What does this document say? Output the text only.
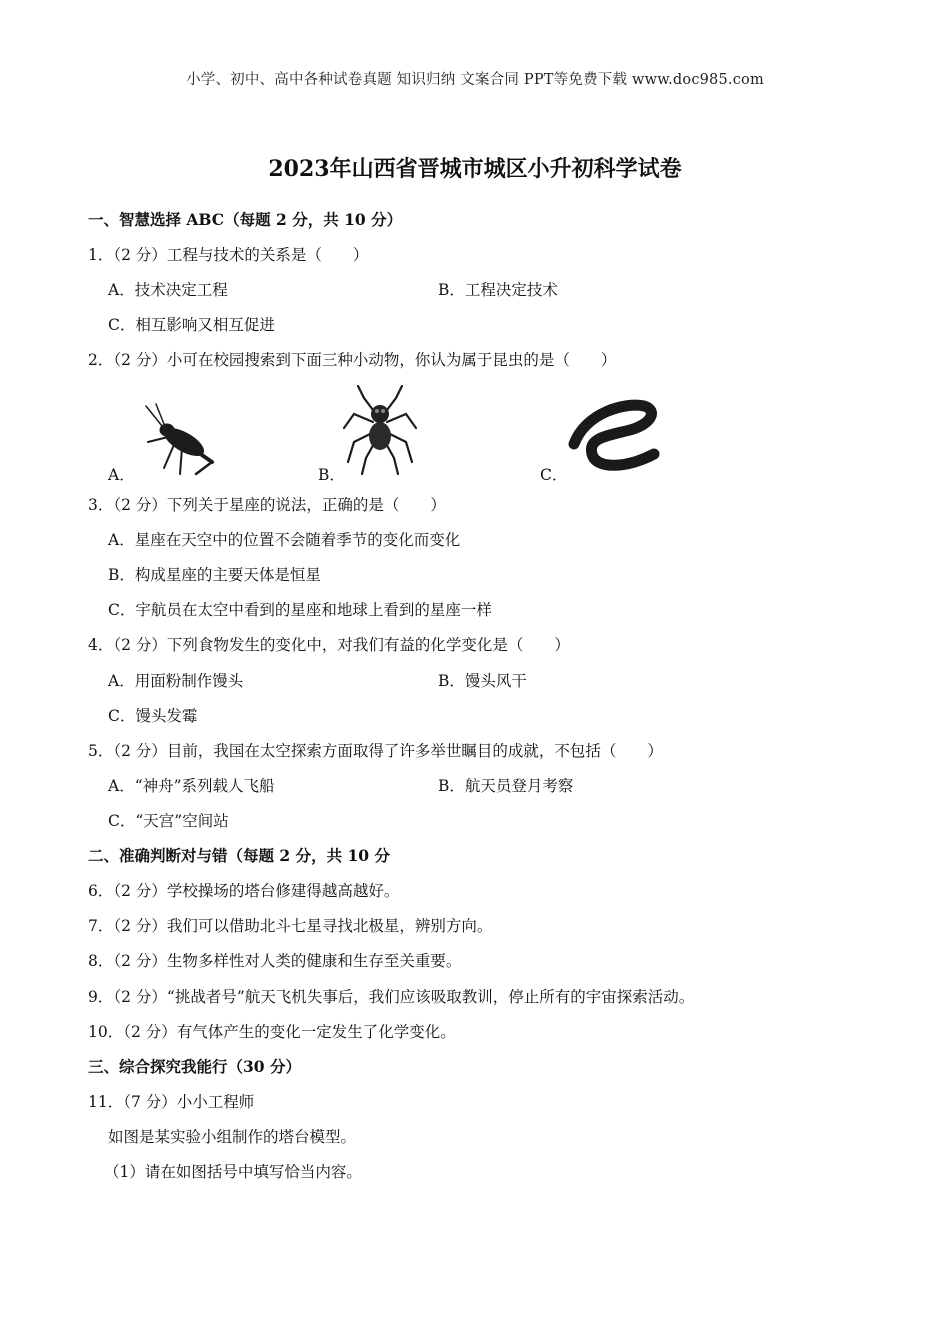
小学、初中、高中各种试卷真题 知识归纳 文案合同 PPT等免费下载 www.doc985.com
2023年山西省晋城市城区小升初科学试卷
一、智慧选择 ABC（每题 2 分，共 10 分）
1．（2 分）工程与技术的关系是（　　）
A．技术决定工程	B．工程决定技术
C．相互影响又相互促进
2．（2 分）小可在校园搜索到下面三种小动物，你认为属于昆虫的是（　　）
A．	B．	C．
3．（2 分）下列关于星座的说法，正确的是（　　）
A．星座在天空中的位置不会随着季节的变化而变化
B．构成星座的主要天体是恒星
C．宇航员在太空中看到的星座和地球上看到的星座一样
4．（2 分）下列食物发生的变化中，对我们有益的化学变化是（　　）
A．用面粉制作馒头	B．馒头风干
C．馒头发霉
5．（2 分）目前，我国在太空探索方面取得了许多举世瞩目的成就，不包括（　　）
A．“神舟”系列载人飞船	B．航天员登月考察
C．“天宫”空间站
二、准确判断对与错（每题 2 分，共 10 分
6．（2 分）学校操场的塔台修建得越高越好。
7．（2 分）我们可以借助北斗七星寻找北极星，辨别方向。
8．（2 分）生物多样性对人类的健康和生存至关重要。
9．（2 分）“挑战者号”航天飞机失事后，我们应该吸取教训，停止所有的宇宙探索活动。
10．（2 分）有气体产生的变化一定发生了化学变化。
三、综合探究我能行（30 分）
11．（7 分）小小工程师
如图是某实验小组制作的塔台模型。
（1）请在如图括号中填写恰当内容。
